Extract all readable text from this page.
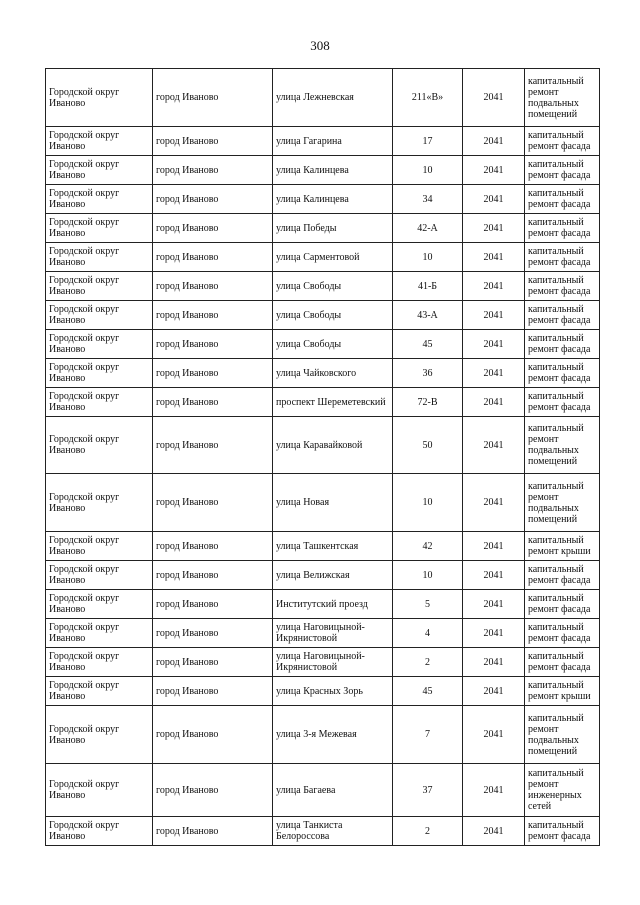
308
Городской округ Иваново	город Иваново	улица Лежневская	211«В»	2041	капитальный ремонт подвальных помещений
Городской округ Иваново	город Иваново	улица Гагарина	17	2041	капитальный ремонт фасада
Городской округ Иваново	город Иваново	улица Калинцева	10	2041	капитальный ремонт фасада
Городской округ Иваново	город Иваново	улица Калинцева	34	2041	капитальный ремонт фасада
Городской округ Иваново	город Иваново	улица Победы	42-А	2041	капитальный ремонт фасада
Городской округ Иваново	город Иваново	улица Сарментовой	10	2041	капитальный ремонт фасада
Городской округ Иваново	город Иваново	улица Свободы	41-Б	2041	капитальный ремонт фасада
Городской округ Иваново	город Иваново	улица Свободы	43-А	2041	капитальный ремонт фасада
Городской округ Иваново	город Иваново	улица Свободы	45	2041	капитальный ремонт фасада
Городской округ Иваново	город Иваново	улица Чайковского	36	2041	капитальный ремонт фасада
Городской округ Иваново	город Иваново	проспект Шереметевский	72-В	2041	капитальный ремонт фасада
Городской округ Иваново	город Иваново	улица Каравайковой	50	2041	капитальный ремонт подвальных помещений
Городской округ Иваново	город Иваново	улица Новая	10	2041	капитальный ремонт подвальных помещений
Городской округ Иваново	город Иваново	улица Ташкентская	42	2041	капитальный ремонт крыши
Городской округ Иваново	город Иваново	улица Велижская	10	2041	капитальный ремонт фасада
Городской округ Иваново	город Иваново	Институтский проезд	5	2041	капитальный ремонт фасада
Городской округ Иваново	город Иваново	улица Наговицыной-Икрянистовой	4	2041	капитальный ремонт фасада
Городской округ Иваново	город Иваново	улица Наговицыной-Икрянистовой	2	2041	капитальный ремонт фасада
Городской округ Иваново	город Иваново	улица Красных Зорь	45	2041	капитальный ремонт крыши
Городской округ Иваново	город Иваново	улица 3-я Межевая	7	2041	капитальный ремонт подвальных помещений
Городской округ Иваново	город Иваново	улица Багаева	37	2041	капитальный ремонт инженерных сетей
Городской округ Иваново	город Иваново	улица Танкиста Белороссова	2	2041	капитальный ремонт фасада
